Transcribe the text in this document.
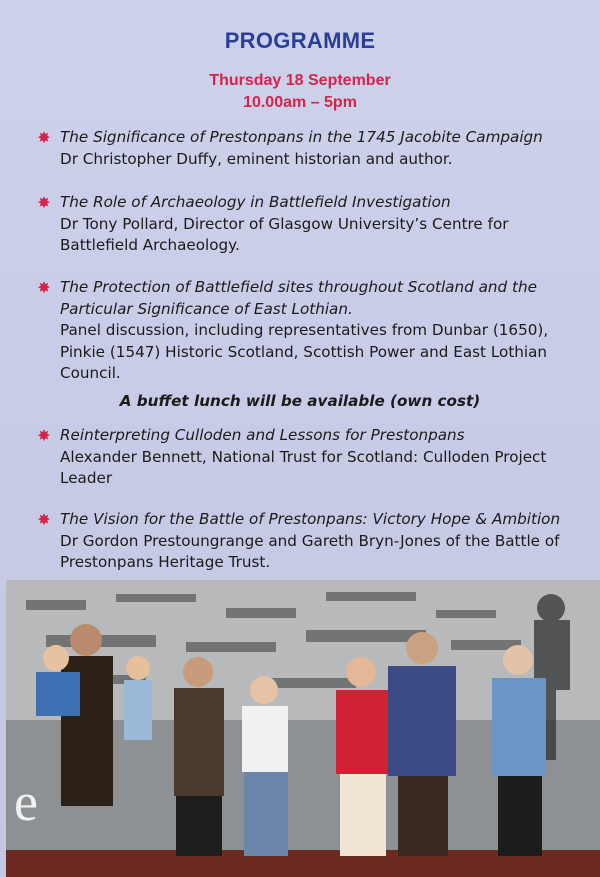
PROGRAMME
Thursday 18 September
10.00am – 5pm
✸ The Significance of Prestonpans in the 1745 Jacobite Campaign
Dr Christopher Duffy, eminent historian and author.
✸ The Role of Archaeology in Battlefield Investigation
Dr Tony Pollard, Director of Glasgow University’s Centre for Battlefield Archaeology.
✸ The Protection of Battlefield sites throughout Scotland and the Particular Significance of East Lothian.
Panel discussion, including representatives from Dunbar (1650), Pinkie (1547) Historic Scotland, Scottish Power and East Lothian Council.
A buffet lunch will be available (own cost)
✸ Reinterpreting Culloden and Lessons for Prestonpans
Alexander Bennett, National Trust for Scotland: Culloden Project Leader
✸ The Vision for the Battle of Prestonpans: Victory Hope & Ambition
Dr Gordon Prestoungrange and Gareth Bryn-Jones of the Battle of Prestonpans Heritage Trust.
e
